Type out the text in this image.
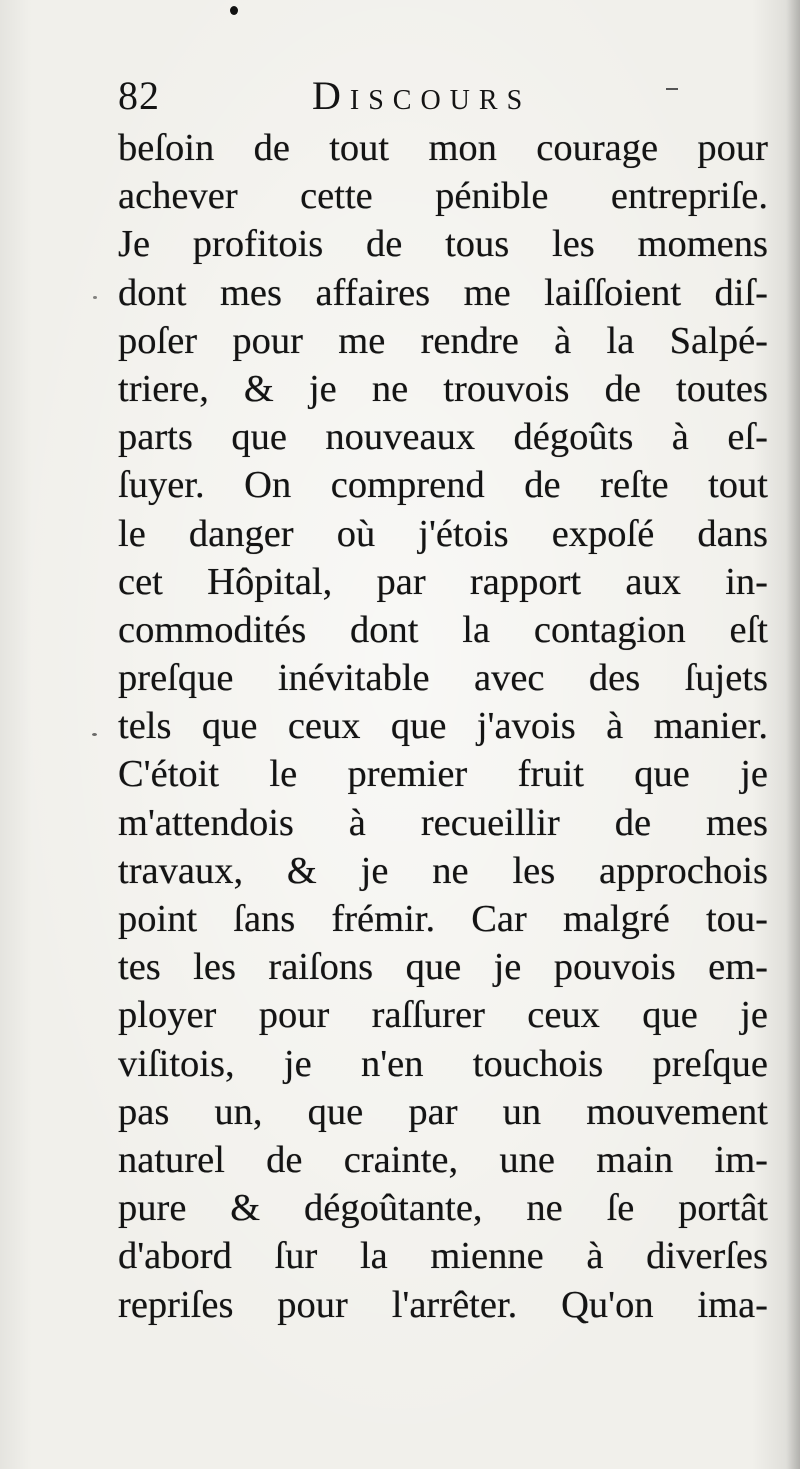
82	Discours
beſoin de tout mon courage pour
achever cette pénible entrepriſe.
Je profitois de tous les momens
dont mes affaires me laiſſoient diſ-
poſer pour me rendre à la Salpé-
triere, & je ne trouvois de toutes
parts que nouveaux dégoûts à eſ-
ſuyer. On comprend de reſte tout
le danger où j'étois expoſé dans
cet Hôpital, par rapport aux in-
commodités dont la contagion eſt
preſque inévitable avec des ſujets
tels que ceux que j'avois à manier.
C'étoit le premier fruit que je
m'attendois à recueillir de mes
travaux, & je ne les approchois
point ſans frémir. Car malgré tou-
tes les raiſons que je pouvois em-
ployer pour raſſurer ceux que je
viſitois, je n'en touchois preſque
pas un, que par un mouvement
naturel de crainte, une main im-
pure & dégoûtante, ne ſe portât
d'abord ſur la mienne à diverſes
repriſes pour l'arrêter. Qu'on ima-
